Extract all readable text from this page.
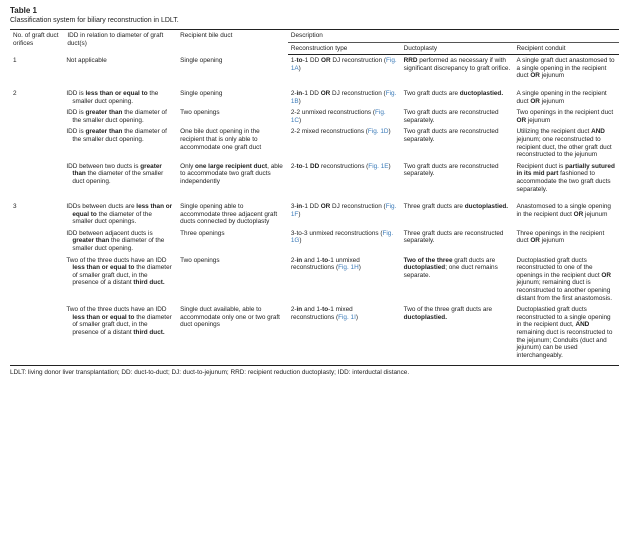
Table 1
Classification system for biliary reconstruction in LDLT.
No. of graft duct orifices	IDD in relation to diameter of graft duct(s)	Recipient bile duct	Description		
			Reconstruction type	Ductoplasty	Recipient conduit
1	Not applicable	Single opening	1-to-1 DD OR DJ reconstruction (Fig. 1A)	RRD performed as necessary if with significant discrepancy to graft orifice.	A single graft duct anastomosed to a single opening in the recipient duct OR jejunum
2	IDD is less than or equal to the smaller duct opening.	Single opening	2-in-1 DD OR DJ reconstruction (Fig. 1B)	Two graft ducts are ductoplastied.	A single opening in the recipient duct OR jejunum
	IDD is greater than the diameter of the smaller duct opening.	Two openings	2-2 unmixed reconstructions (Fig. 1C)	Two graft ducts are reconstructed separately.	Two openings in the recipient duct OR jejunum
	IDD is greater than the diameter of the smaller duct opening.	One bile duct opening in the recipient that is only able to accommodate one graft duct	2-2 mixed reconstructions (Fig. 1D)	Two graft ducts are reconstructed separately.	Utilizing the recipient duct AND jejunum; one reconstructed to recipient duct, the other graft duct reconstructed to the jejunum
	IDD between two ducts is greater than the diameter of the smaller duct opening.	Only one large recipient duct, able to accommodate two graft ducts independently	2-to-1 DD reconstructions (Fig. 1E)	Two graft ducts are reconstructed separately.	Recipient duct is partially sutured in its mid part fashioned to accommodate the two graft ducts separately.
3	IDDs between ducts are less than or equal to the diameter of the smaller duct openings.	Single opening able to accommodate three adjacent graft ducts connected by ductoplasty	3-in-1 DD OR DJ reconstruction (Fig. 1F)	Three graft ducts are ductoplastied.	Anastomosed to a single opening in the recipient duct OR jejunum
	IDD between adjacent ducts is greater than the diameter of the smaller duct opening.	Three openings	3-to-3 unmixed reconstructions (Fig. 1G)	Three graft ducts are reconstructed separately.	Three openings in the recipient duct OR jejunum
	Two of the three ducts have an IDD less than or equal to the diameter of smaller graft duct, in the presence of a distant third duct.	Two openings	2-in and 1-to-1 unmixed reconstructions (Fig. 1H)	Two of the three graft ducts are ductoplastied; one duct remains separate.	Ductoplastied graft ducts reconstructed to one of the openings in the recipient duct OR jejunum; remaining duct is reconstructed to another opening distant from the first anastomosis.
	Two of the three ducts have an IDD less than or equal to the diameter of smaller graft duct, in the presence of a distant third duct.	Single duct available, able to accommodate only one or two graft duct openings	2-in and 1-to-1 mixed reconstructions (Fig. 1I)	Two of the three graft ducts are ductoplastied.	Ductoplastied graft ducts reconstructed to a single opening in the recipient duct, AND remaining duct is reconstructed to the jejunum; Conduits (duct and jejunum) can be used interchangeably.
LDLT: living donor liver transplantation; DD: duct-to-duct; DJ: duct-to-jejunum; RRD: recipient reduction ductoplasty; IDD: interductal distance.
